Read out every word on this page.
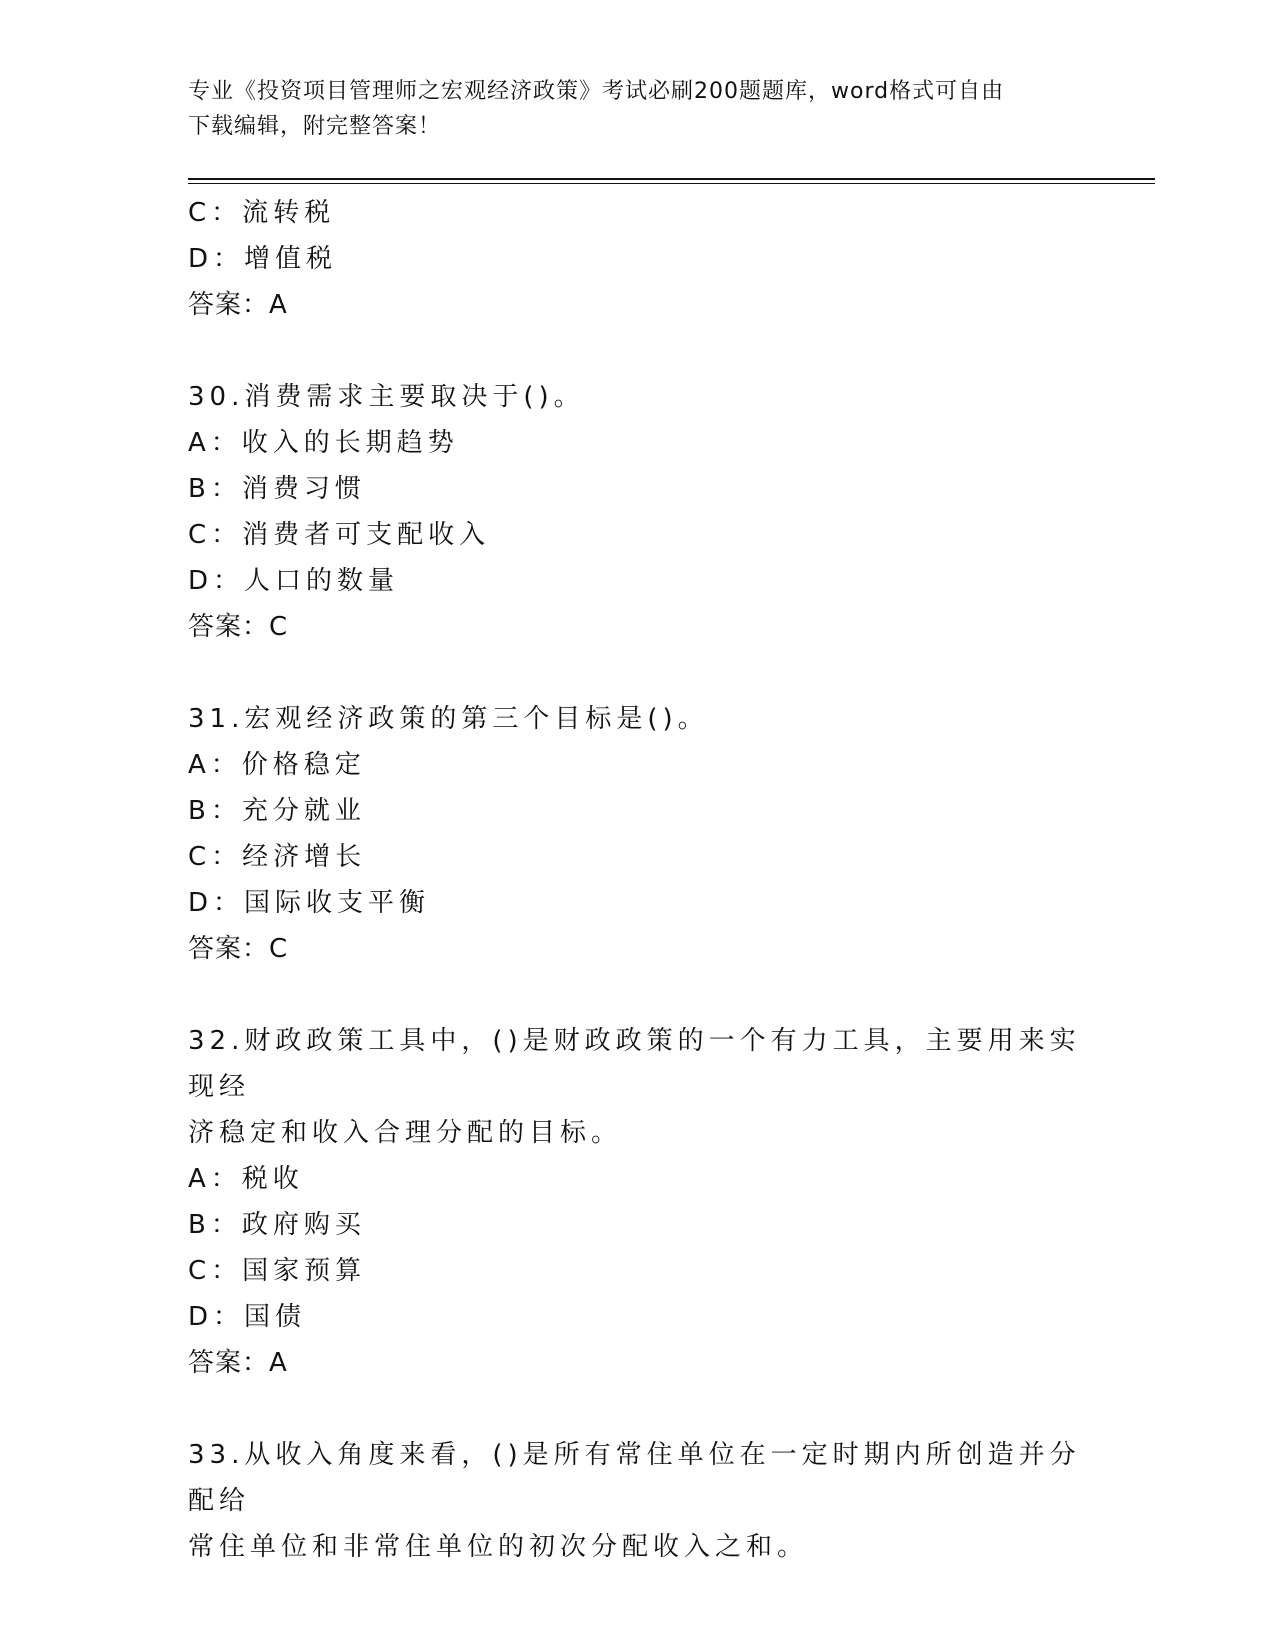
专业《投资项目管理师之宏观经济政策》考试必刷200题题库，word格式可自由
下载编辑，附完整答案！
C：流转税
D：增值税
答案：A
30.消费需求主要取决于()。
A：收入的长期趋势
B：消费习惯
C：消费者可支配收入
D：人口的数量
答案：C
31.宏观经济政策的第三个目标是()。
A：价格稳定
B：充分就业
C：经济增长
D：国际收支平衡
答案：C
32.财政政策工具中，()是财政政策的一个有力工具，主要用来实现经
济稳定和收入合理分配的目标。
A：税收
B：政府购买
C：国家预算
D：国债
答案：A
33.从收入角度来看，()是所有常住单位在一定时期内所创造并分配给
常住单位和非常住单位的初次分配收入之和。
